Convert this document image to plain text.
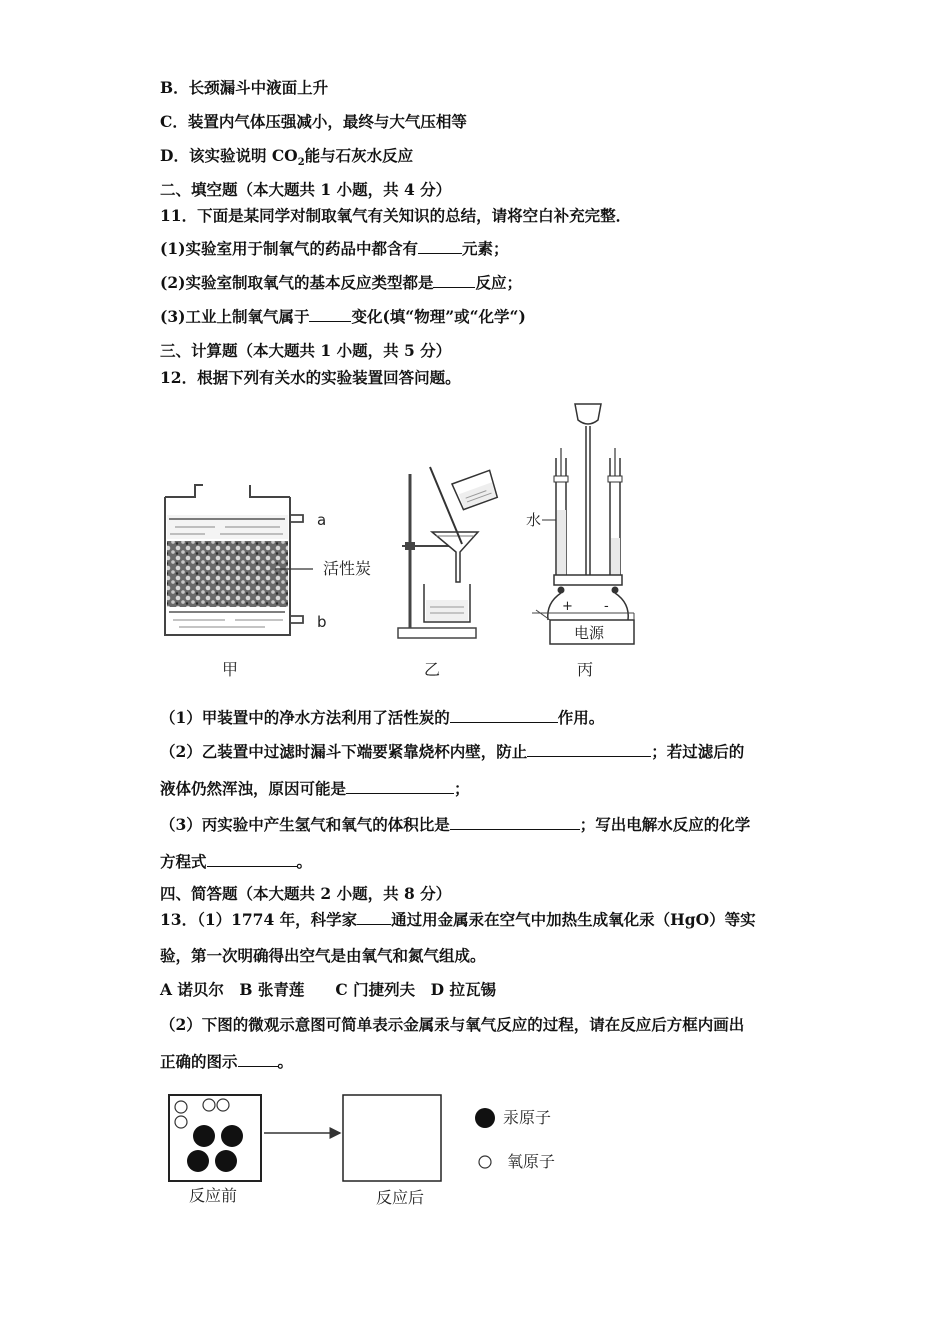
B．长颈漏斗中液面上升
C．装置内气体压强减小，最终与大气压相等
D．该实验说明 $CO_2$能与石灰水反应
二、填空题（本大题共 1 小题，共 4 分）
11．下面是某同学对制取氧气有关知识的总结，请将空白补充完整．
(1)实验室用于制氧气的药品中都含有	元素；
(2)实验室制取氧气的基本反应类型都是	反应；
(3)工业上制氧气属于	变化(填“物理”或“化学“)
三、计算题（本大题共 1 小题，共 5 分）
12．根据下列有关水的实验装置回答问题。
a
b
活性炭
水
电源
+ -
甲	乙	丙
（1）甲装置中的净水方法利用了活性炭的	作用。
（2）乙装置中过滤时漏斗下端要紧靠烧杯内壁，防止	；若过滤后的
液体仍然浑浊，原因可能是	；
（3）丙实验中产生氢气和氧气的体积比是	；写出电解水反应的化学
方程式	。
四、简答题（本大题共 2 小题，共 8 分）
13．（1）1774 年，科学家 通过用金属汞在空气中加热生成氧化汞（HgO）等实
验，第一次明确得出空气是由氧气和氮气组成。
A 诺贝尔　B 张青莲　　C 门捷列夫　D 拉瓦锡
（2）下图的微观示意图可简单表示金属汞与氧气反应的过程，请在反应后方框内画出
正确的图示	。
汞原子
氧原子
反应前	反应后
